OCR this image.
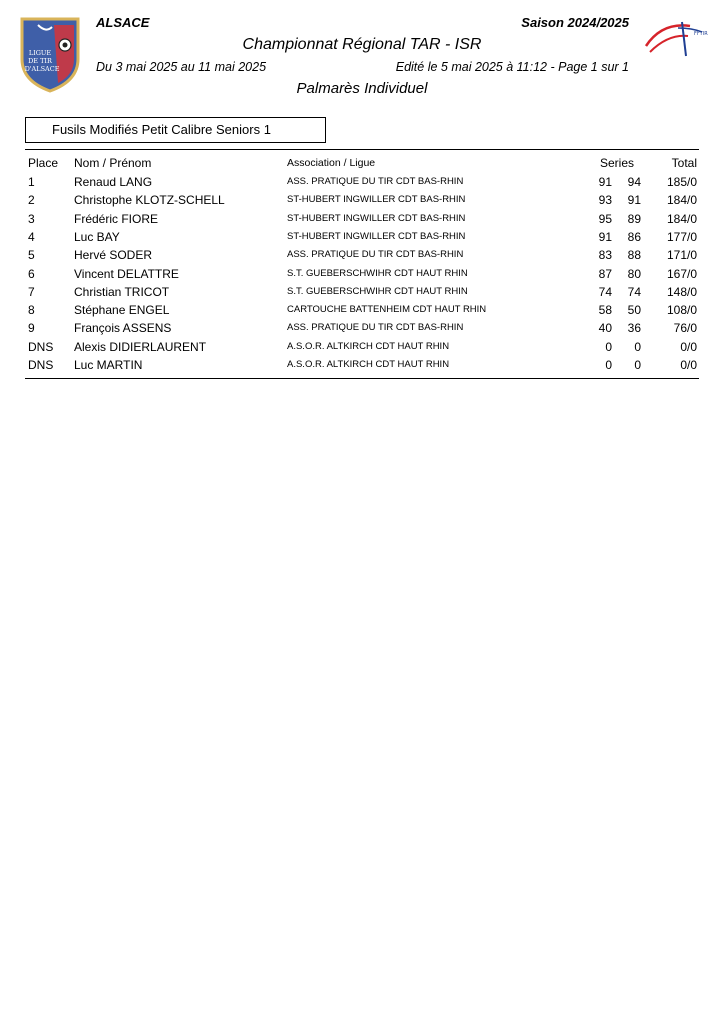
LIGUE
DE TIR
D'ALSACE
FFTIR
ALSACE	Saison 2024/2025
Championnat Régional TAR - ISR
Du 3 mai 2025 au 11 mai 2025	Edité le 5 mai 2025 à 11:12 - Page 1 sur 1
Palmarès Individuel
Fusils Modifiés Petit Calibre Seniors 1
Place Nom / Prénom	Association / Ligue	Series	Total
1	Renaud LANG	ASS. PRATIQUE DU TIR CDT BAS-RHIN	91 94 185/0
2	Christophe KLOTZ-SCHELL	ST-HUBERT INGWILLER CDT BAS-RHIN	93 91 184/0
3	Frédéric FIORE	ST-HUBERT INGWILLER CDT BAS-RHIN	95 89 184/0
4	Luc BAY	ST-HUBERT INGWILLER CDT BAS-RHIN	91 86 177/0
5	Hervé SODER	ASS. PRATIQUE DU TIR CDT BAS-RHIN	83 88 171/0
6	Vincent DELATTRE	S.T. GUEBERSCHWIHR CDT HAUT RHIN	87 80 167/0
7	Christian TRICOT	S.T. GUEBERSCHWIHR CDT HAUT RHIN	74 74 148/0
8	Stéphane ENGEL	CARTOUCHE BATTENHEIM CDT HAUT RHIN	58 50 108/0
9	François ASSENS	ASS. PRATIQUE DU TIR CDT BAS-RHIN	40 36	76/0
DNS Alexis DIDIERLAURENT	A.S.O.R. ALTKIRCH CDT HAUT RHIN	0 0	0/0
DNS Luc MARTIN	A.S.O.R. ALTKIRCH CDT HAUT RHIN	0 0	0/0
